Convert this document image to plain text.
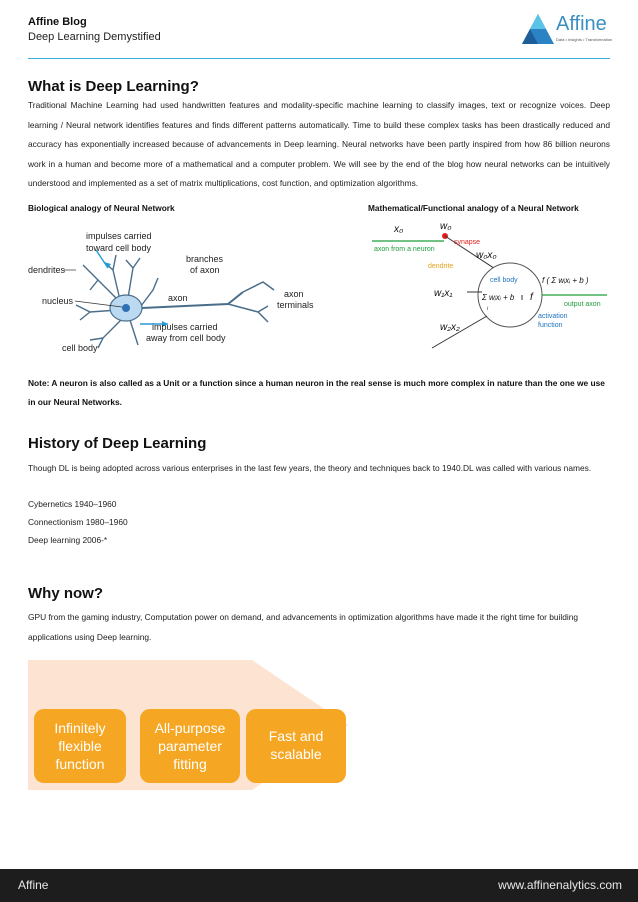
Affine Blog
Deep Learning Demystified
Affine
Data • Insights • Transformation
What is Deep Learning?
Traditional Machine Learning had used handwritten features and modality-specific machine learning to classify images, text or recognize voices. Deep learning / Neural network identifies features and finds different patterns automatically. Time to build these complex tasks has been drastically reduced and accuracy has exponentially increased because of advancements in Deep learning. Neural networks have been partly inspired from how 86 billion neurons work in a human and become more of a mathematical and a computer problem. We will see by the end of the blog how neural networks can be intuitively understood and implemented as a set of matrix multiplications, cost function, and optimization algorithms.
Biological analogy of Neural Network	Mathematical/Functional analogy of a Neural Network
impulses carried
toward cell body
branches
of axon
dendrites
nucleus	axon	axon
terminals
impulses carried
away from cell body
cell body
x₀	w₀
axon from a neuron
synapse
w₀x₀
dendrite
cell body
w₁x₁	Σ wᵢxᵢ + b
i
f
f ( Σ wᵢxᵢ + b )
output axon
activation
function
w₂x₂
Note: A neuron is also called as a Unit or a function since a human neuron in the real sense is much more complex in nature than the one we use in our Neural Networks.
History of Deep Learning
Though DL is being adopted across various enterprises in the last few years, the theory and techniques back to 1940.DL was called with various names.
Cybernetics 1940–1960
Connectionism 1980–1960
Deep learning 2006-*
Why now?
GPU from the gaming industry, Computation power on demand, and advancements in optimization algorithms have made it the right time for building applications using Deep learning.
Infinitely
flexible
function
All-purpose
parameter
fitting
Fast and
scalable
Affine	www.affinenalytics.com
